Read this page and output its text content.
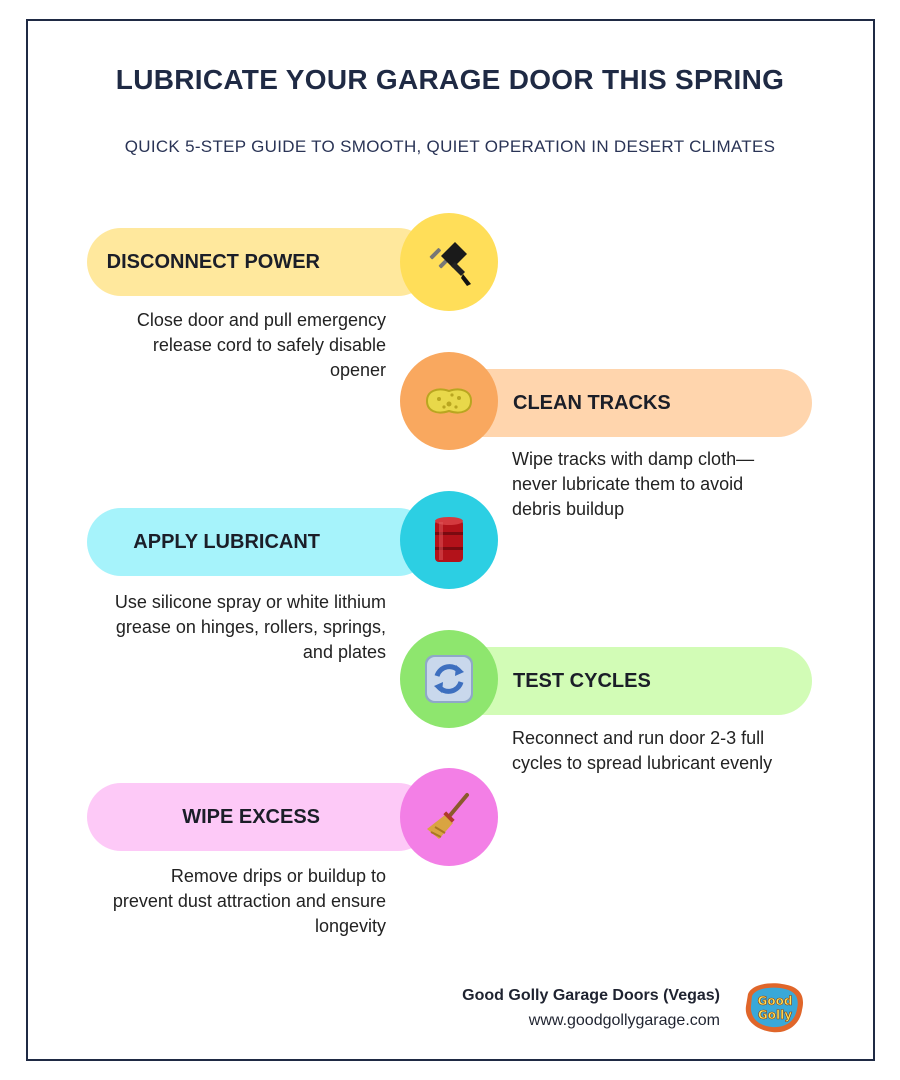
LUBRICATE YOUR GARAGE DOOR THIS SPRING
QUICK 5-STEP GUIDE TO SMOOTH, QUIET OPERATION IN DESERT CLIMATES
DISCONNECT POWER
Close door and pull emergency release cord to safely disable opener
CLEAN TRACKS
Wipe tracks with damp cloth—never lubricate them to avoid debris buildup
APPLY LUBRICANT
Use silicone spray or white lithium grease on hinges, rollers, springs, and plates
TEST CYCLES
Reconnect and run door 2-3 full cycles to spread lubricant evenly
WIPE EXCESS
Remove drips or buildup to prevent dust attraction and ensure longevity
Good Golly Garage Doors (Vegas)
www.goodgollygarage.com
Good
Golly
